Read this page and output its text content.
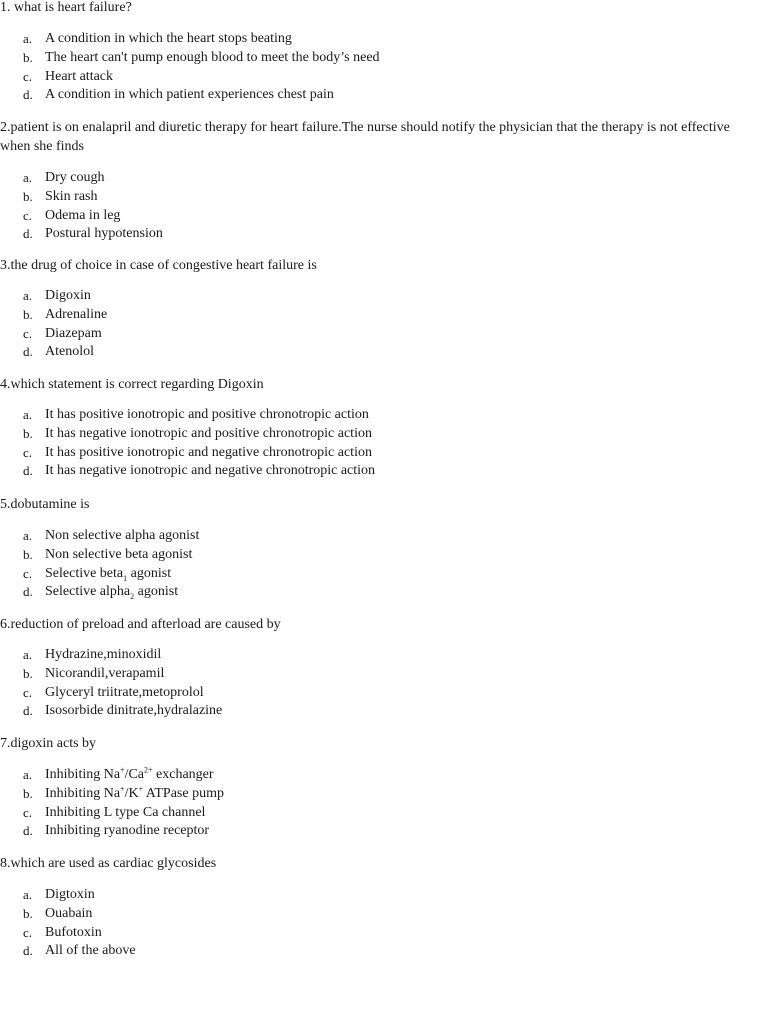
1. what is heart failure?

a. A condition in which the heart stops beating
b. The heart can't pump enough blood to meet the body’s need
c. Heart attack
d. A condition in which patient experiences chest pain

2.patient is on enalapril and diuretic therapy for heart failure.The nurse should notify the physician that the therapy is not effective when she finds

a. Dry cough
b. Skin rash
c. Odema in leg
d. Postural hypotension

3.the drug of choice in case of congestive heart failure is

a. Digoxin
b. Adrenaline
c. Diazepam
d. Atenolol

4.which statement is correct regarding Digoxin

a. It has positive ionotropic and positive chronotropic action
b. It has negative ionotropic and positive chronotropic action
c. It has positive ionotropic and negative chronotropic action
d. It has negative ionotropic and negative chronotropic action

5.dobutamine is

a. Non selective alpha agonist
b. Non selective beta agonist
c. Selective beta$_1$ agonist
d. Selective alpha$_2$ agonist

6.reduction of preload and afterload are caused by

a. Hydrazine,minoxidil
b. Nicorandil,verapamil
c. Glyceryl triitrate,metoprolol
d. Isosorbide dinitrate,hydralazine

7.digoxin acts by

a. Inhibiting $Na^+/Ca^{2+}$ exchanger
b. Inhibiting Na+/K+ ATPase pump
c. Inhibiting L type Ca channel
d. Inhibiting ryanodine receptor

8.which are used as cardiac glycosides

a. Digtoxin
b. Ouabain
c. Bufotoxin
d. All of the above
